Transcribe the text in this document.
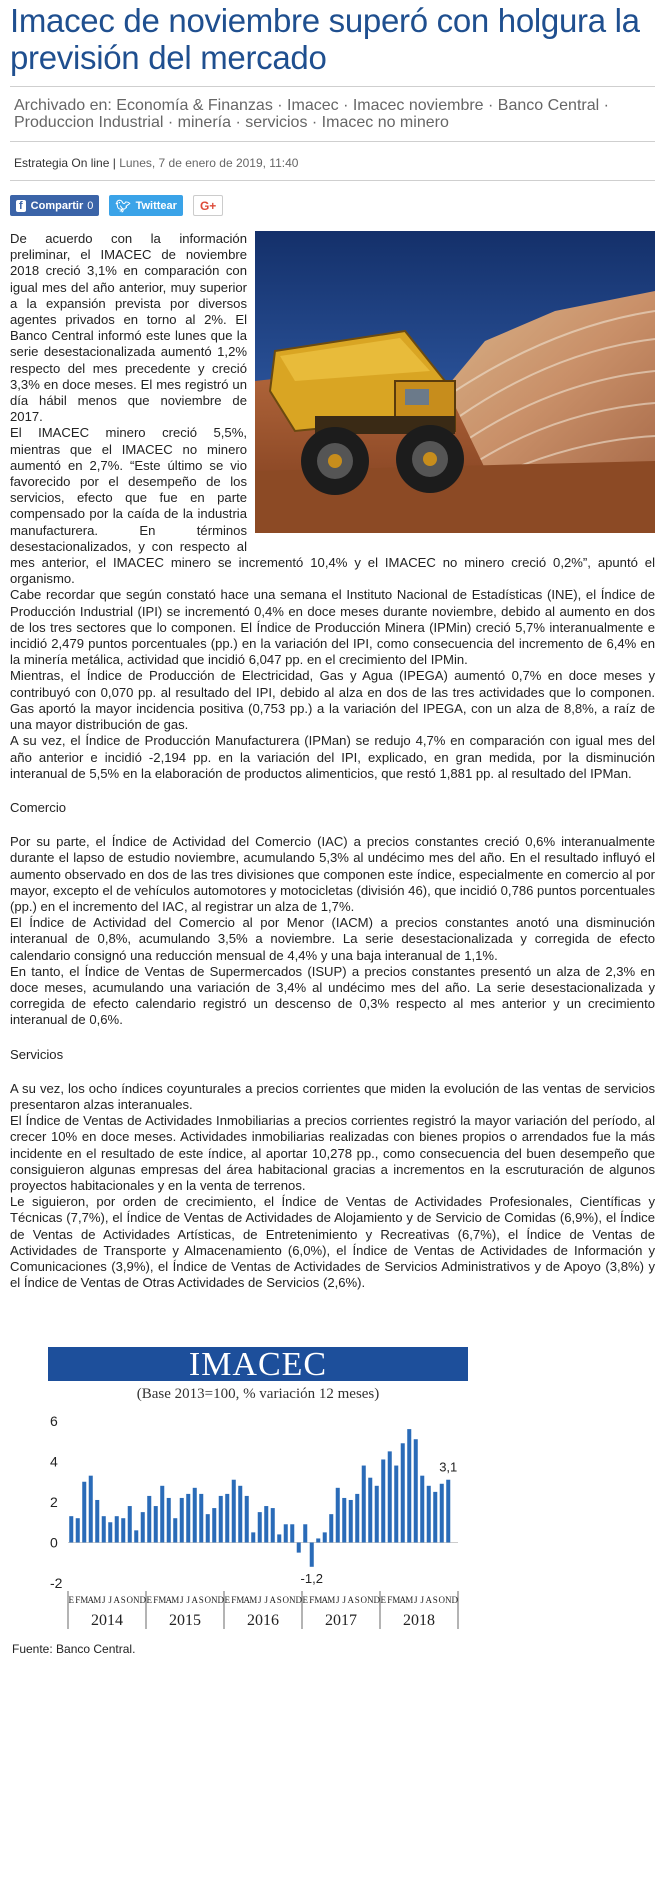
Imacec de noviembre superó con holgura la previsión del mercado
Archivado en: Economía & Finanzas · Imacec · Imacec noviembre · Banco Central · Produccion Industrial · minería · servicios · Imacec no minero
Estrategia On line | Lunes, 7 de enero de 2019, 11:40
f Compartir 0 🐦︎ Twittear	G+

De acuerdo con la información preliminar, el IMACEC de noviembre 2018 creció 3,1% en comparación con igual mes del año anterior, muy superior a la expansión prevista por diversos agentes privados en torno al 2%. El Banco Central informó este lunes que la serie desestacionalizada aumentó 1,2% respecto del mes precedente y creció 3,3% en doce meses. El mes registró un día hábil menos que noviembre de 2017.

El IMACEC minero creció 5,5%, mientras que el IMACEC no minero aumentó en 2,7%. “Este último se vio favorecido por el desempeño de los servicios, efecto que fue en parte compensado por la caída de la industria manufacturera. En términos desestacionalizados, y con respecto al mes anterior, el IMACEC minero se incrementó 10,4% y el IMACEC no minero creció 0,2%”, apuntó el organismo.

Cabe recordar que según constató hace una semana el Instituto Nacional de Estadísticas (INE), el Índice de Producción Industrial (IPI) se incrementó 0,4% en doce meses durante noviembre, debido al aumento en dos de los tres sectores que lo componen. El Índice de Producción Minera (IPMin) creció 5,7% interanualmente e incidió 2,479 puntos porcentuales (pp.) en la variación del IPI, como consecuencia del incremento de 6,4% en la minería metálica, actividad que incidió 6,047 pp. en el crecimiento del IPMin.

Mientras, el Índice de Producción de Electricidad, Gas y Agua (IPEGA) aumentó 0,7% en doce meses y contribuyó con 0,070 pp. al resultado del IPI, debido al alza en dos de las tres actividades que lo componen. Gas aportó la mayor incidencia positiva (0,753 pp.) a la variación del IPEGA, con un alza de 8,8%, a raíz de una mayor distribución de gas.

A su vez, el Índice de Producción Manufacturera (IPMan) se redujo 4,7% en comparación con igual mes del año anterior e incidió -2,194 pp. en la variación del IPI, explicado, en gran medida, por la disminución interanual de 5,5% en la elaboración de productos alimenticios, que restó 1,881 pp. al resultado del IPMan.

Comercio

Por su parte, el Índice de Actividad del Comercio (IAC) a precios constantes creció 0,6% interanualmente durante el lapso de estudio noviembre, acumulando 5,3% al undécimo mes del año. En el resultado influyó el aumento observado en dos de las tres divisiones que componen este índice, especialmente en comercio al por mayor, excepto el de vehículos automotores y motocicletas (división 46), que incidió 0,786 puntos porcentuales (pp.) en el incremento del IAC, al registrar un alza de 1,7%.

El Índice de Actividad del Comercio al por Menor (IACM) a precios constantes anotó una disminución interanual de 0,8%, acumulando 3,5% a noviembre. La serie desestacionalizada y corregida de efecto calendario consignó una reducción mensual de 4,4% y una baja interanual de 1,1%.

En tanto, el Índice de Ventas de Supermercados (ISUP) a precios constantes presentó un alza de 2,3% en doce meses, acumulando una variación de 3,4% al undécimo mes del año. La serie desestacionalizada y corregida de efecto calendario registró un descenso de 0,3% respecto al mes anterior y un crecimiento interanual de 0,6%.

Servicios

A su vez, los ocho índices coyunturales a precios corrientes que miden la evolución de las ventas de servicios presentaron alzas interanuales.

El Índice de Ventas de Actividades Inmobiliarias a precios corrientes registró la mayor variación del período, al crecer 10% en doce meses. Actividades inmobiliarias realizadas con bienes propios o arrendados fue la más incidente en el resultado de este índice, al aportar 10,278 pp., como consecuencia del buen desempeño que consiguieron algunas empresas del área habitacional gracias a incrementos en la escruturación de algunos proyectos habitacionales y en la venta de terrenos.

Le siguieron, por orden de crecimiento, el Índice de Ventas de Actividades Profesionales, Científicas y Técnicas (7,7%), el Índice de Ventas de Actividades de Alojamiento y de Servicio de Comidas (6,9%), el Índice de Ventas de Actividades Artísticas, de Entretenimiento y Recreativas (6,7%), el Índice de Ventas de Actividades de Transporte y Almacenamiento (6,0%), el Índice de Ventas de Actividades de Información y Comunicaciones (3,9%), el Índice de Ventas de Actividades de Servicios Administrativos y de Apoyo (3,8%) y el Índice de Ventas de Otras Actividades de Servicios (2,6%).

IMACEC
(Base 2013=100, % variación 12 meses)
6
4
2
0
-2
3,1
-1,2
E F M A M J J A S O N D E F M A M J J A S O N D E F M A M J J A S O N D E F M A M J J A S O N D E F M A M J J A S O N D
2014	2015	2016	2017	2018
Fuente: Banco Central.
